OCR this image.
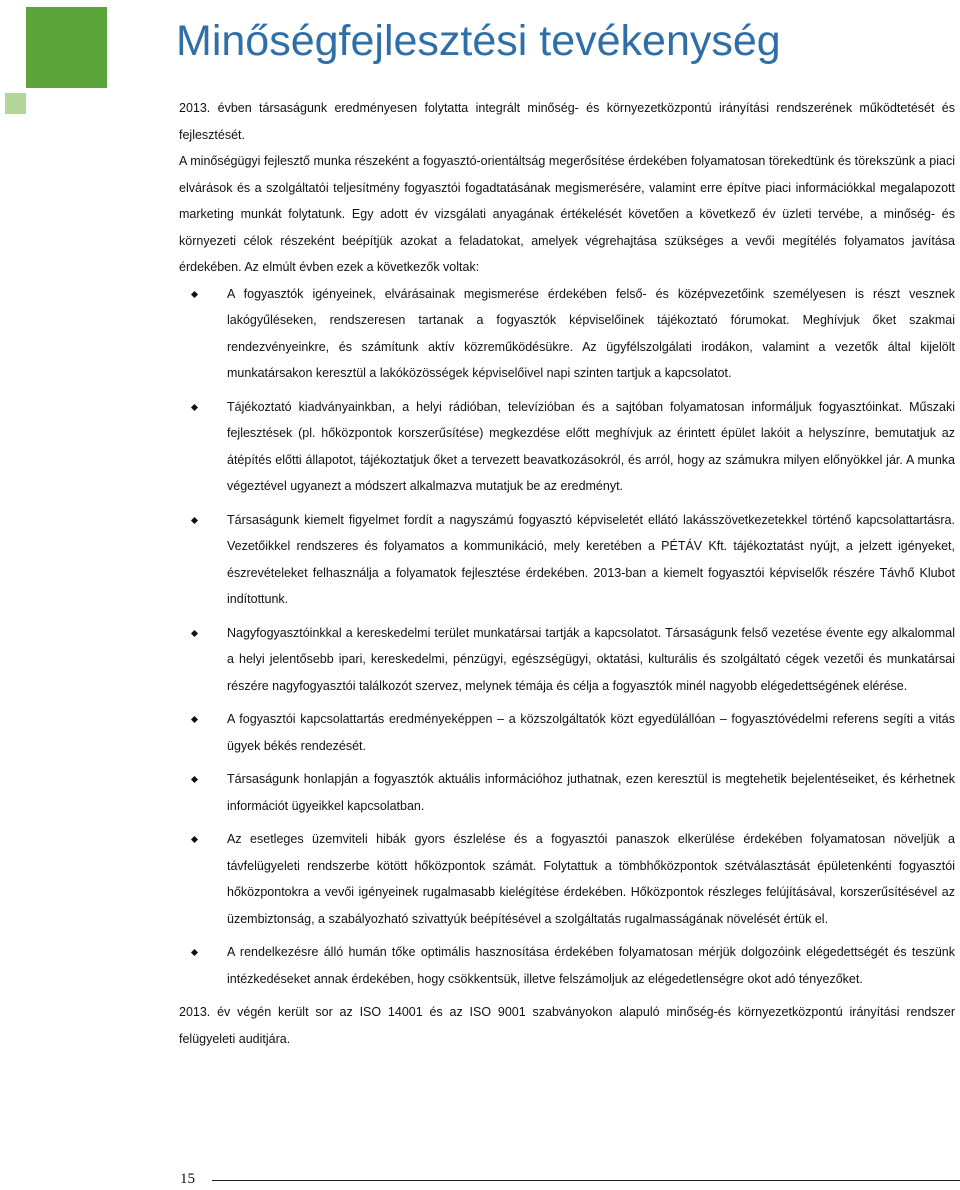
Minőségfejlesztési tevékenység

2013. évben társaságunk eredményesen folytatta integrált minőség- és környezetközpontú irányítási rendszerének működtetését és fejlesztését.

A minőségügyi fejlesztő munka részeként a fogyasztó-orientáltság megerősítése érdekében folyamatosan törekedtünk és törekszünk a piaci elvárások és a szolgáltatói teljesítmény fogyasztói fogadtatásának megismerésére, valamint erre építve piaci információkkal megalapozott marketing munkát folytatunk. Egy adott év vizsgálati anyagának értékelését követően a következő év üzleti tervébe, a minőség- és környezeti célok részeként beépítjük azokat a feladatokat, amelyek végrehajtása szükséges a vevői megítélés folyamatos javítása érdekében. Az elmúlt évben ezek a következők voltak:

A fogyasztók igényeinek, elvárásainak megismerése érdekében felső- és középvezetőink személyesen is részt vesznek lakógyűléseken, rendszeresen tartanak a fogyasztók képviselőinek tájékoztató fórumokat. Meghívjuk őket szakmai rendezvényeinkre, és számítunk aktív közreműködésükre. Az ügyfélszolgálati irodákon, valamint a vezetők által kijelölt munkatársakon keresztül a lakóközösségek képviselőivel napi szinten tartjuk a kapcsolatot.
Tájékoztató kiadványainkban, a helyi rádióban, televízióban és a sajtóban folyamatosan informáljuk fogyasztóinkat. Műszaki fejlesztések (pl. hőközpontok korszerűsítése) megkezdése előtt meghívjuk az érintett épület lakóit a helyszínre, bemutatjuk az átépítés előtti állapotot, tájékoztatjuk őket a tervezett beavatkozásokról, és arról, hogy az számukra milyen előnyökkel jár. A munka végeztével ugyanezt a módszert alkalmazva mutatjuk be az eredményt.
Társaságunk kiemelt figyelmet fordít a nagyszámú fogyasztó képviseletét ellátó lakásszövetkezetekkel történő kapcsolattartásra. Vezetőikkel rendszeres és folyamatos a kommunikáció, mely keretében a PÉTÁV Kft. tájékoztatást nyújt, a jelzett igényeket, észrevételeket felhasználja a folyamatok fejlesztése érdekében. 2013-ban a kiemelt fogyasztói képviselők részére Távhő Klubot indítottunk.
Nagyfogyasztóinkkal a kereskedelmi terület munkatársai tartják a kapcsolatot. Társaságunk felső vezetése évente egy alkalommal a helyi jelentősebb ipari, kereskedelmi, pénzügyi, egészségügyi, oktatási, kulturális és szolgáltató cégek vezetői és munkatársai részére nagyfogyasztói találkozót szervez, melynek témája és célja a fogyasztók minél nagyobb elégedettségének elérése.
A fogyasztói kapcsolattartás eredményeképpen – a közszolgáltatók közt egyedülállóan – fogyasztóvédelmi referens segíti a vitás ügyek békés rendezését.
Társaságunk honlapján a fogyasztók aktuális információhoz juthatnak, ezen keresztül is megtehetik bejelentéseiket, és kérhetnek információt ügyeikkel kapcsolatban.
Az esetleges üzemviteli hibák gyors észlelése és a fogyasztói panaszok elkerülése érdekében folyamatosan növeljük a távfelügyeleti rendszerbe kötött hőközpontok számát. Folytattuk a tömbhőközpontok szétválasztását épületenkénti fogyasztói hőközpontokra a vevői igényeinek rugalmasabb kielégítése érdekében. Hőközpontok részleges felújításával, korszerűsítésével az üzembiztonság, a szabályozható szivattyúk beépítésével a szolgáltatás rugalmasságának növelését értük el.
A rendelkezésre álló humán tőke optimális hasznosítása érdekében folyamatosan mérjük dolgozóink elégedettségét és teszünk intézkedéseket annak érdekében, hogy csökkentsük, illetve felszámoljuk az elégedetlenségre okot adó tényezőket.

2013. év végén került sor az ISO 14001 és az ISO 9001 szabványokon alapuló minőség-és környezetközpontú irányítási rendszer felügyeleti auditjára.

15
